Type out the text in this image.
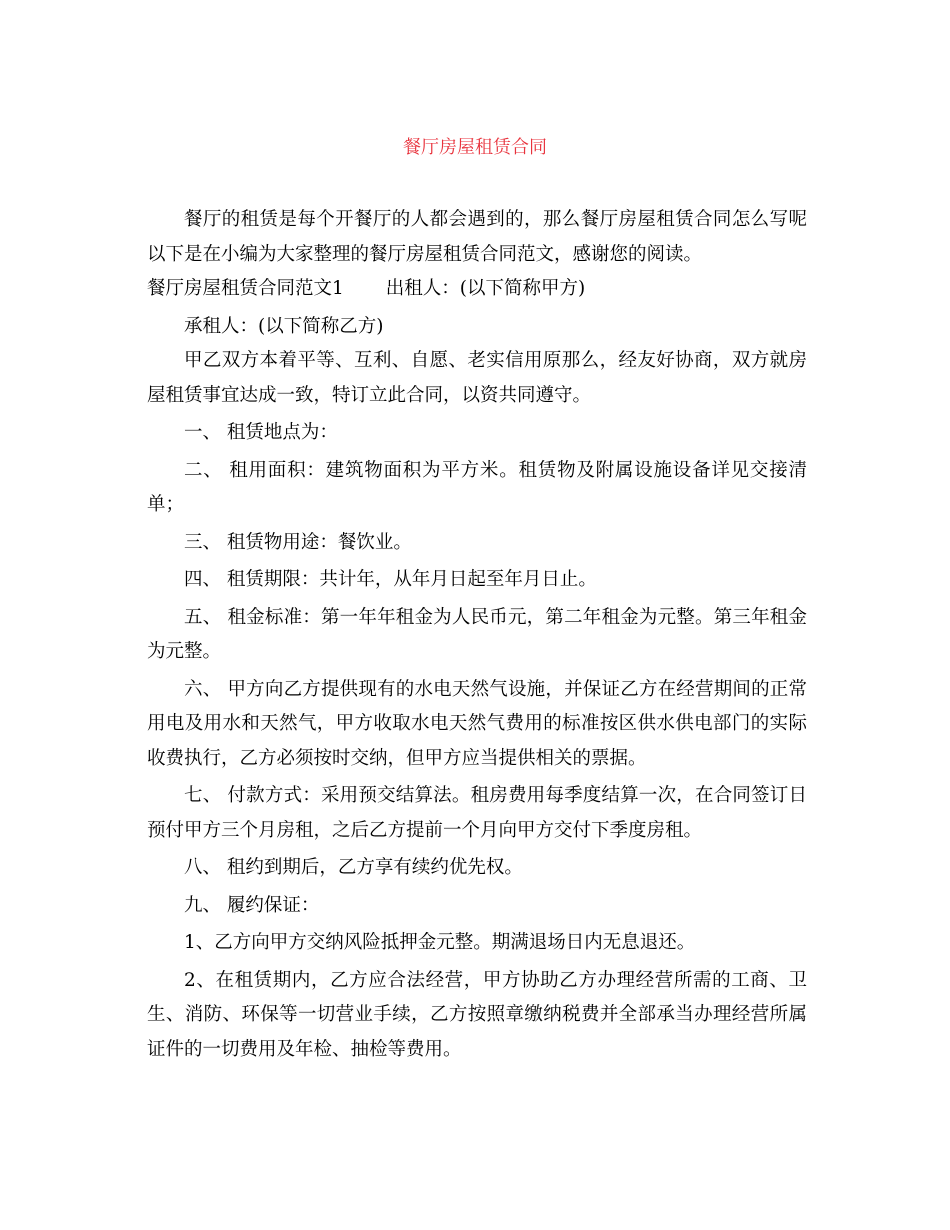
餐厅房屋租赁合同

餐厅的租赁是每个开餐厅的人都会遇到的，那么餐厅房屋租赁合同怎么写呢以下是在小编为大家整理的餐厅房屋租赁合同范文，感谢您的阅读。

餐厅房屋租赁合同范文1 出租人：(以下简称甲方)

承租人：(以下简称乙方)

甲乙双方本着平等、互利、自愿、老实信用原那么，经友好协商，双方就房屋租赁事宜达成一致，特订立此合同，以资共同遵守。

一、 租赁地点为：

二、 租用面积：建筑物面积为平方米。租赁物及附属设施设备详见交接清单；

三、 租赁物用途：餐饮业。

四、 租赁期限：共计年，从年月日起至年月日止。

五、 租金标准：第一年年租金为人民币元，第二年租金为元整。第三年租金为元整。

六、 甲方向乙方提供现有的水电天然气设施，并保证乙方在经营期间的正常用电及用水和天然气，甲方收取水电天然气费用的标准按区供水供电部门的实际收费执行，乙方必须按时交纳，但甲方应当提供相关的票据。

七、 付款方式：采用预交结算法。租房费用每季度结算一次，在合同签订日预付甲方三个月房租，之后乙方提前一个月向甲方交付下季度房租。

八、 租约到期后，乙方享有续约优先权。

九、 履约保证：

1、乙方向甲方交纳风险抵押金元整。期满退场日内无息退还。

2、在租赁期内，乙方应合法经营，甲方协助乙方办理经营所需的工商、卫生、消防、环保等一切营业手续，乙方按照章缴纳税费并全部承当办理经营所属证件的一切费用及年检、抽检等费用。
